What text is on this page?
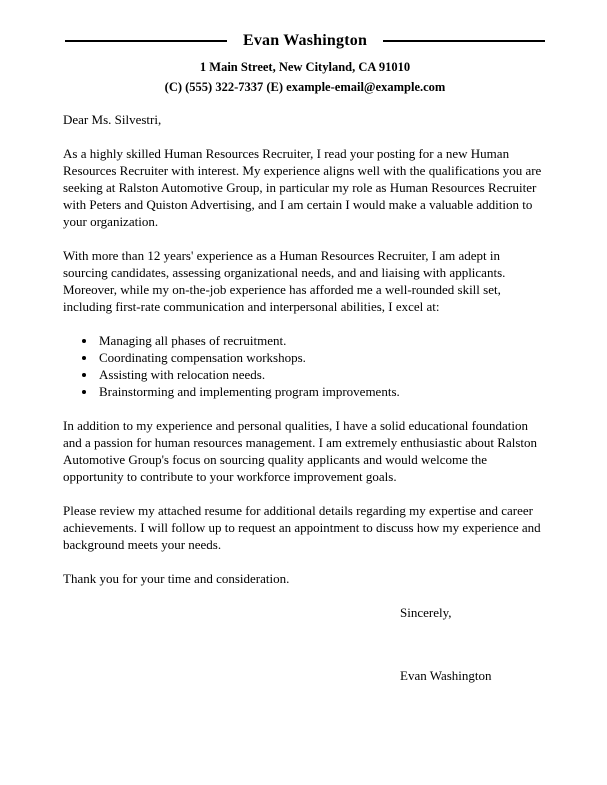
Evan Washington

1 Main Street, New Cityland, CA 91010

(C) (555) 322-7337 (E) example-email@example.com

Dear Ms. Silvestri,

As a highly skilled Human Resources Recruiter, I read your posting for a new Human Resources Recruiter with interest. My experience aligns well with the qualifications you are seeking at Ralston Automotive Group, in particular my role as Human Resources Recruiter with Peters and Quiston Advertising, and I am certain I would make a valuable addition to your organization.

With more than 12 years' experience as a Human Resources Recruiter, I am adept in sourcing candidates, assessing organizational needs, and and liaising with applicants. Moreover, while my on-the-job experience has afforded me a well-rounded skill set, including first-rate communication and interpersonal abilities, I excel at:

• Managing all phases of recruitment.
• Coordinating compensation workshops.
• Assisting with relocation needs.
• Brainstorming and implementing program improvements.

In addition to my experience and personal qualities, I have a solid educational foundation and a passion for human resources management. I am extremely enthusiastic about Ralston Automotive Group's focus on sourcing quality applicants and would welcome the opportunity to contribute to your workforce improvement goals.

Please review my attached resume for additional details regarding my expertise and career achievements. I will follow up to request an appointment to discuss how my experience and background meets your needs.

Thank you for your time and consideration.

Sincerely,

Evan Washington
